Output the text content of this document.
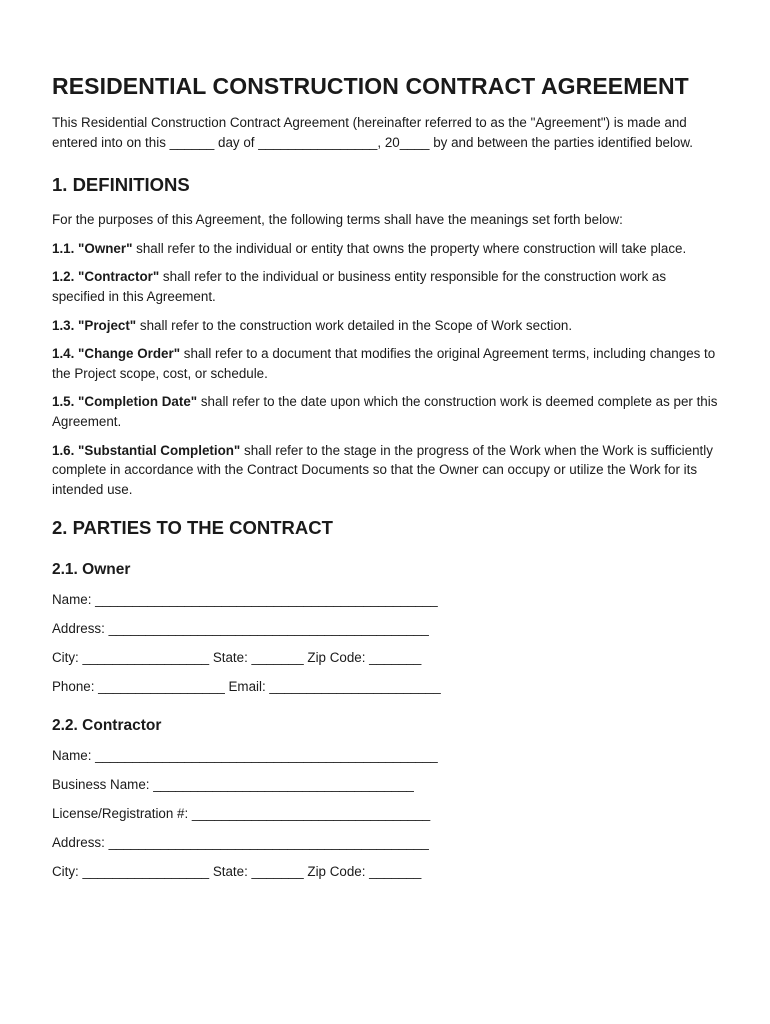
RESIDENTIAL CONSTRUCTION CONTRACT AGREEMENT

This Residential Construction Contract Agreement (hereinafter referred to as the "Agreement") is made and entered into on this ______ day of ________________, 20____ by and between the parties identified below.

1. DEFINITIONS

For the purposes of this Agreement, the following terms shall have the meanings set forth below:

1.1. "Owner" shall refer to the individual or entity that owns the property where construction will take place.

1.2. "Contractor" shall refer to the individual or business entity responsible for the construction work as specified in this Agreement.

1.3. "Project" shall refer to the construction work detailed in the Scope of Work section.

1.4. "Change Order" shall refer to a document that modifies the original Agreement terms, including changes to the Project scope, cost, or schedule.

1.5. "Completion Date" shall refer to the date upon which the construction work is deemed complete as per this Agreement.

1.6. "Substantial Completion" shall refer to the stage in the progress of the Work when the Work is sufficiently complete in accordance with the Contract Documents so that the Owner can occupy or utilize the Work for its intended use.

2. PARTIES TO THE CONTRACT
2.1. Owner
Name: ______________________________________________
Address: ___________________________________________
City: _________________ State: _______ Zip Code: _______
Phone: _________________ Email: _______________________
2.2. Contractor
Name: ______________________________________________
Business Name: ___________________________________
License/Registration #: ________________________________
Address: ___________________________________________
City: _________________ State: _______ Zip Code: _______
